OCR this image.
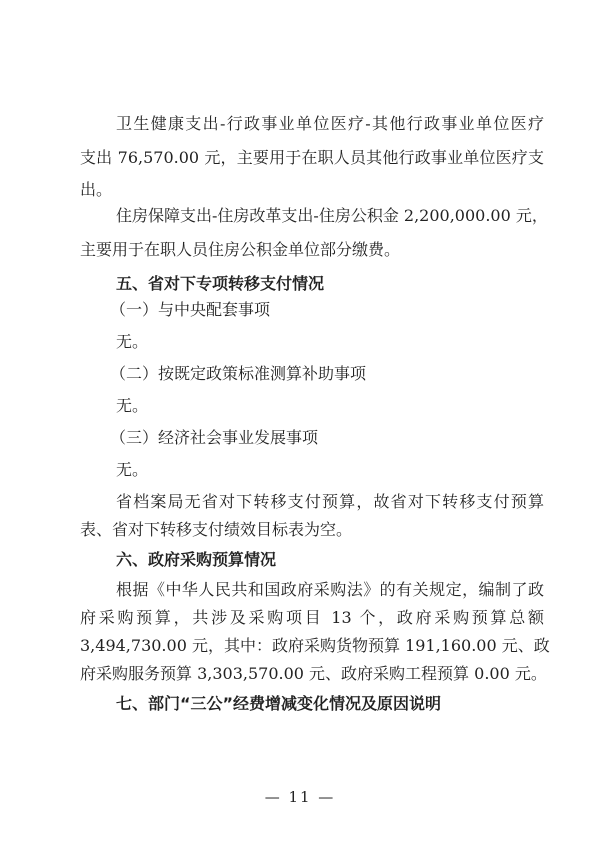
卫生健康支出-行政事业单位医疗-其他行政事业单位医疗
支出 76,570.00 元，主要用于在职人员其他行政事业单位医疗支
出。
住房保障支出-住房改革支出-住房公积金 2,200,000.00 元，
主要用于在职人员住房公积金单位部分缴费。
五、省对下专项转移支付情况
（一）与中央配套事项
无。
（二）按既定政策标准测算补助事项
无。
（三）经济社会事业发展事项
无。
省档案局无省对下转移支付预算，故省对下转移支付预算
表、省对下转移支付绩效目标表为空。
六、政府采购预算情况
根据《中华人民共和国政府采购法》的有关规定，编制了政
府采购预算，共涉及采购项目 13 个，政府采购预算总额
3,494,730.00 元，其中：政府采购货物预算 191,160.00 元、政
府采购服务预算 3,303,570.00 元、政府采购工程预算 0.00 元。
七、部门“三公”经费增减变化情况及原因说明
— 11 —
